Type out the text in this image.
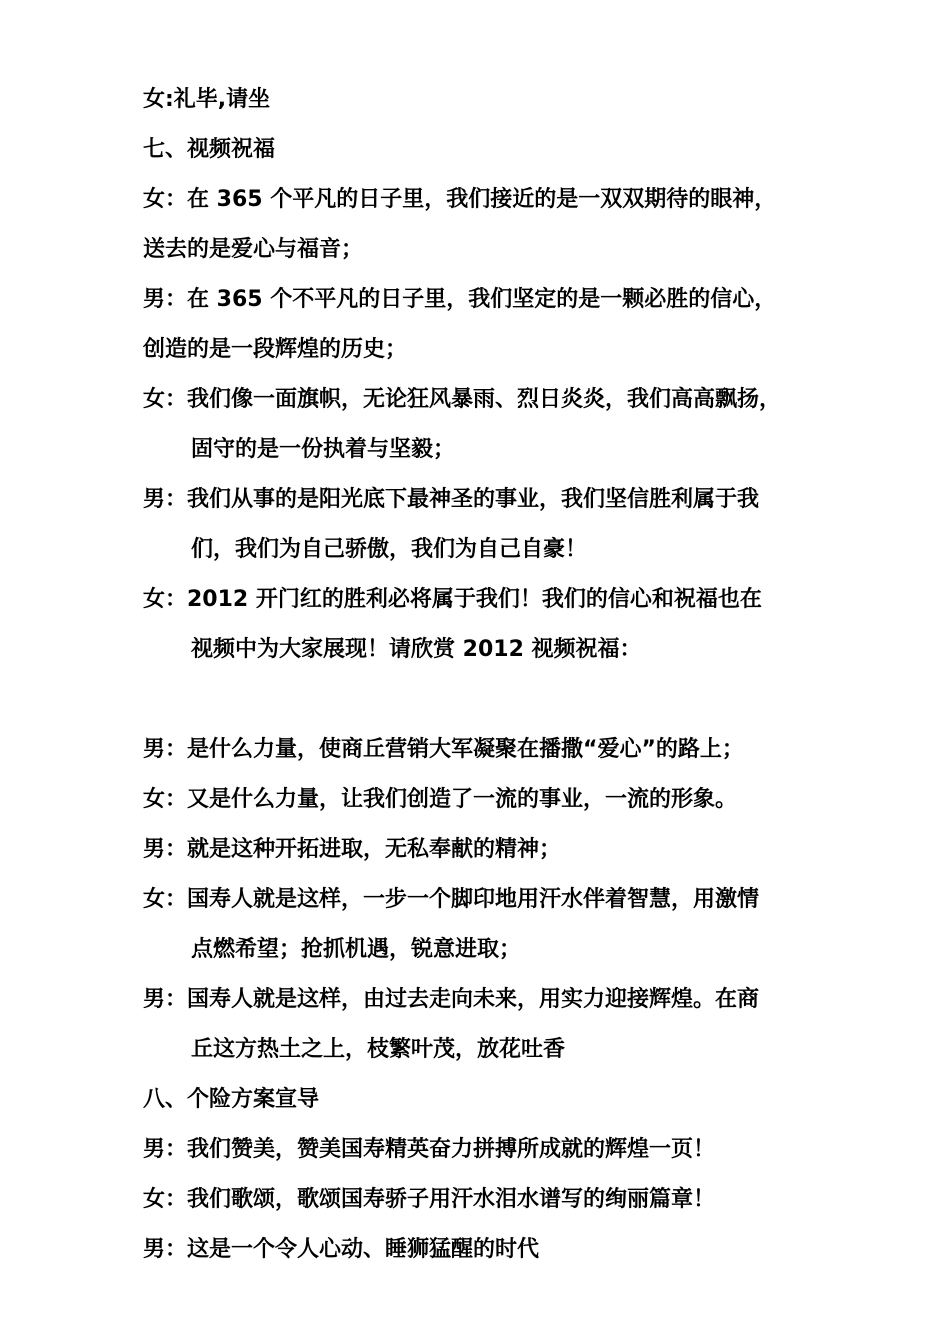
女:礼毕,请坐
七、视频祝福
女：在 365 个平凡的日子里，我们接近的是一双双期待的眼神，
送去的是爱心与福音；
男：在 365 个不平凡的日子里，我们坚定的是一颗必胜的信心，
创造的是一段辉煌的历史；
女：我们像一面旗帜，无论狂风暴雨、烈日炎炎，我们高高飘扬，
固守的是一份执着与坚毅；
男：我们从事的是阳光底下最神圣的事业，我们坚信胜利属于我
们，我们为自己骄傲，我们为自己自豪！
女：2012 开门红的胜利必将属于我们！我们的信心和祝福也在
视频中为大家展现！请欣赏 2012 视频祝福：
男：是什么力量，使商丘营销大军凝聚在播撒“爱心”的路上；
女：又是什么力量，让我们创造了一流的事业，一流的形象。
男：就是这种开拓进取，无私奉献的精神；
女：国寿人就是这样，一步一个脚印地用汗水伴着智慧，用激情
点燃希望；抢抓机遇，锐意进取；
男：国寿人就是这样，由过去走向未来，用实力迎接辉煌。在商
丘这方热土之上，枝繁叶茂，放花吐香
八、个险方案宣导
男：我们赞美，赞美国寿精英奋力拼搏所成就的辉煌一页！
女：我们歌颂，歌颂国寿骄子用汗水泪水谱写的绚丽篇章！
男：这是一个令人心动、睡狮猛醒的时代
